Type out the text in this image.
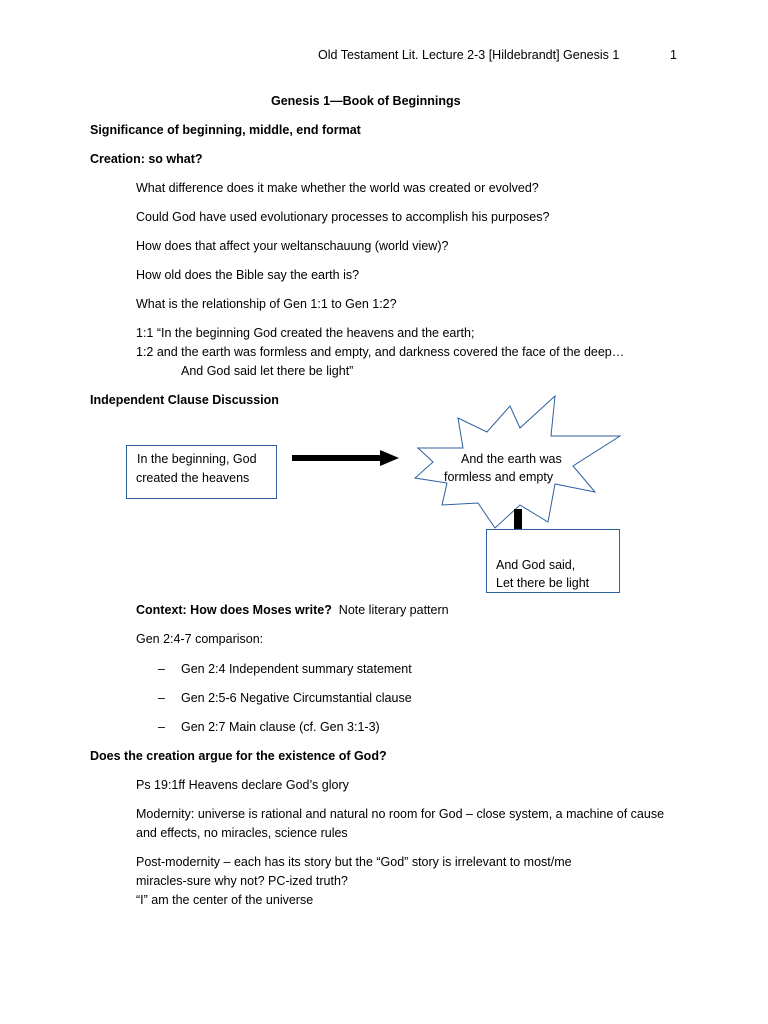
Old Testament Lit. Lecture 2-3 [Hildebrandt] Genesis 1	1
Genesis 1—Book of Beginnings
Significance of beginning, middle, end format
Creation: so what?
What difference does it make whether the world was created or evolved?
Could God have used evolutionary processes to accomplish his purposes?
How does that affect your weltanschauung (world view)?
How old does the Bible say the earth is?
What is the relationship of Gen 1:1 to Gen 1:2?
1:1 “In the beginning God created the heavens and the earth;
1:2 and the earth was formless and empty, and darkness covered the face of the deep…
And God said let there be light”
Independent Clause Discussion
In the beginning, God
created the heavens
And the earth was
formless and empty
And God said,
Let there be light
Context: How does Moses write?  Note literary pattern
Gen 2:4-7 comparison:
– Gen 2:4 Independent summary statement
– Gen 2:5-6 Negative Circumstantial clause
– Gen 2:7 Main clause (cf. Gen 3:1-3)
Does the creation argue for the existence of God?
Ps 19:1ff Heavens declare God’s glory
Modernity: universe is rational and natural no room for God – close system, a machine of cause
and effects, no miracles, science rules
Post-modernity – each has its story but the “God” story is irrelevant to most/me
miracles-sure why not? PC-ized truth?
“I” am the center of the universe
